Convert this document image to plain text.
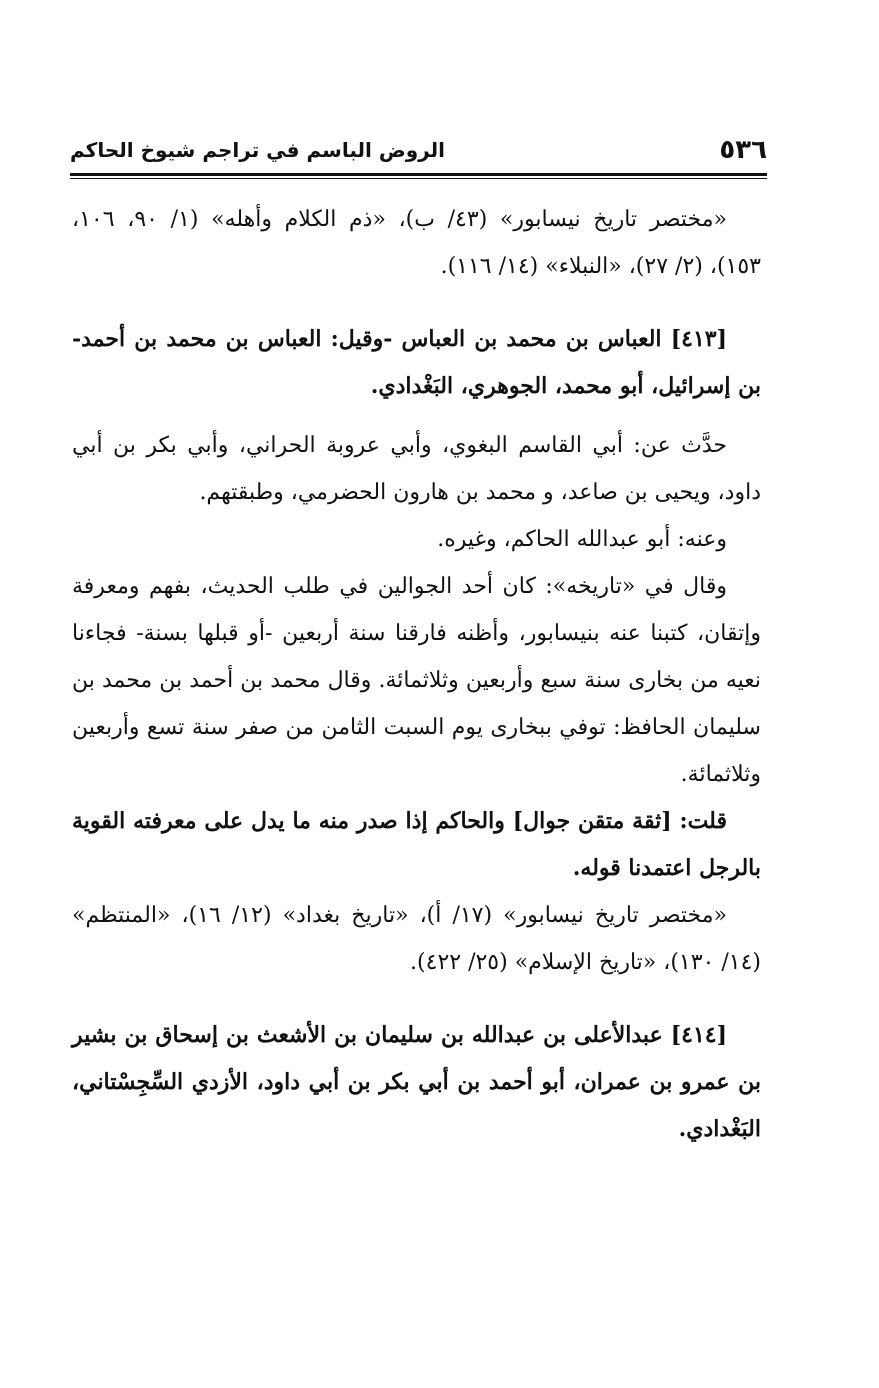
٥٣٦
الروض الباسم في تراجم شيوخ الحاكم

«مختصر تاريخ نيسابور» (٤٣/ ب)، «ذم الكلام وأهله» (١/ ٩٠، ١٠٦، ١٥٣)، (٢/ ٢٧)، «النبلاء» (١٤/ ١١٦).

[٤١٣] العباس بن محمد بن العباس -وقيل: العباس بن محمد بن أحمد- بن إسرائيل، أبو محمد، الجوهري، البَغْدادي.

حدَّث عن: أبي القاسم البغوي، وأبي عروبة الحراني، وأبي بكر بن أبي داود، ويحيى بن صاعد، و محمد بن هارون الحضرمي، وطبقتهم.

وعنه: أبو عبدالله الحاكم، وغيره.

وقال في «تاريخه»: كان أحد الجوالين في طلب الحديث، بفهم ومعرفة وإتقان، كتبنا عنه بنيسابور، وأظنه فارقنا سنة أربعين -أو قبلها بسنة- فجاءنا نعيه من بخارى سنة سبع وأربعين وثلاثمائة. وقال محمد بن أحمد بن محمد بن سليمان الحافظ: توفي ببخارى يوم السبت الثامن من صفر سنة تسع وأربعين وثلاثمائة.

قلت: [ثقة متقن جوال] والحاكم إذا صدر منه ما يدل على معرفته القوية بالرجل اعتمدنا قوله.

«مختصر تاريخ نيسابور» (١٧/ أ)، «تاريخ بغداد» (١٢/ ١٦)، «المنتظم» (١٤/ ١٣٠)، «تاريخ الإسلام» (٢٥/ ٤٢٢).

[٤١٤] عبدالأعلى بن عبدالله بن سليمان بن الأشعث بن إسحاق بن بشير بن عمرو بن عمران، أبو أحمد بن أبي بكر بن أبي داود، الأزدي السِّجِسْتاني، البَغْدادي.
